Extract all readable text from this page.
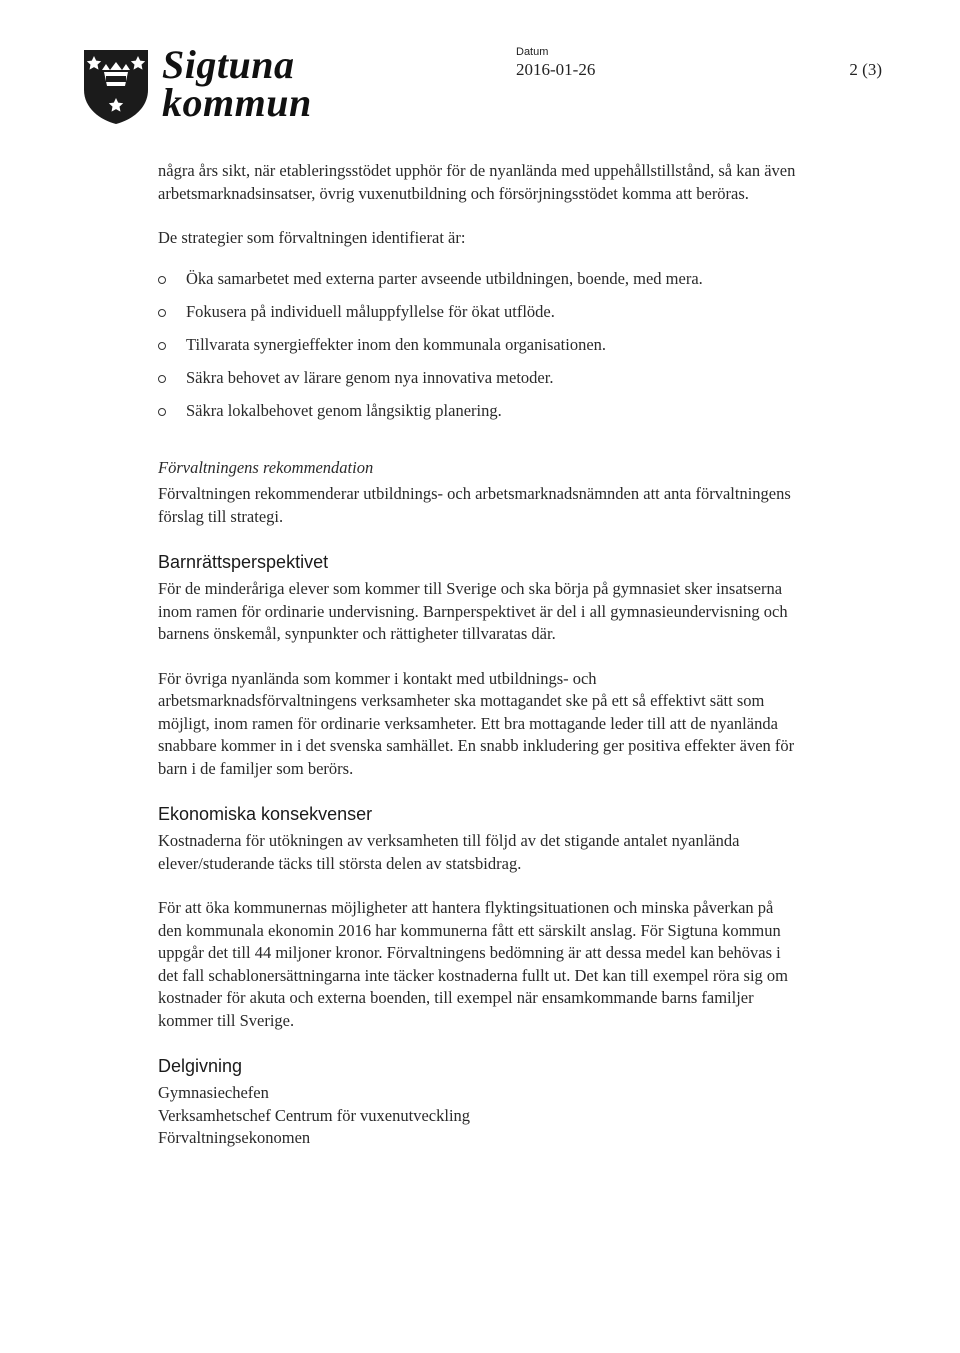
Sigtuna
kommun
Datum
2016-01-26	2 (3)

några års sikt, när etableringsstödet upphör för de nyanlända med uppehållstillstånd, så kan även arbetsmarknadsinsatser, övrig vuxenutbildning och försörjningsstödet komma att beröras.

De strategier som förvaltningen identifierat är:

Öka samarbetet med externa parter avseende utbildningen, boende, med mera.
Fokusera på individuell måluppfyllelse för ökat utflöde.
Tillvarata synergieffekter inom den kommunala organisationen.
Säkra behovet av lärare genom nya innovativa metoder.
Säkra lokalbehovet genom långsiktig planering.
Förvaltningens rekommendation
Förvaltningen rekommenderar utbildnings- och arbetsmarknadsnämnden att anta förvaltningens förslag till strategi.
Barnrättsperspektivet

För de minderåriga elever som kommer till Sverige och ska börja på gymnasiet sker insatserna inom ramen för ordinarie undervisning. Barnperspektivet är del i all gymnasieundervisning och barnens önskemål, synpunkter och rättigheter tillvaratas där.

För övriga nyanlända som kommer i kontakt med utbildnings- och arbetsmarknadsförvaltningens verksamheter ska mottagandet ske på ett så effektivt sätt som möjligt, inom ramen för ordinarie verksamheter. Ett bra mottagande leder till att de nyanlända snabbare kommer in i det svenska samhället. En snabb inkludering ger positiva effekter även för barn i de familjer som berörs.

Ekonomiska konsekvenser

Kostnaderna för utökningen av verksamheten till följd av det stigande antalet nyanlända elever/studerande täcks till största delen av statsbidrag.

För att öka kommunernas möjligheter att hantera flyktingsituationen och minska påverkan på den kommunala ekonomin 2016 har kommunerna fått ett särskilt anslag. För Sigtuna kommun uppgår det till 44 miljoner kronor. Förvaltningens bedömning är att dessa medel kan behövas i det fall schablonersättningarna inte täcker kostnaderna fullt ut. Det kan till exempel röra sig om kostnader för akuta och externa boenden, till exempel när ensamkommande barns familjer kommer till Sverige.

Delgivning
Gymnasiechefen
Verksamhetschef Centrum för vuxenutveckling
Förvaltningsekonomen
